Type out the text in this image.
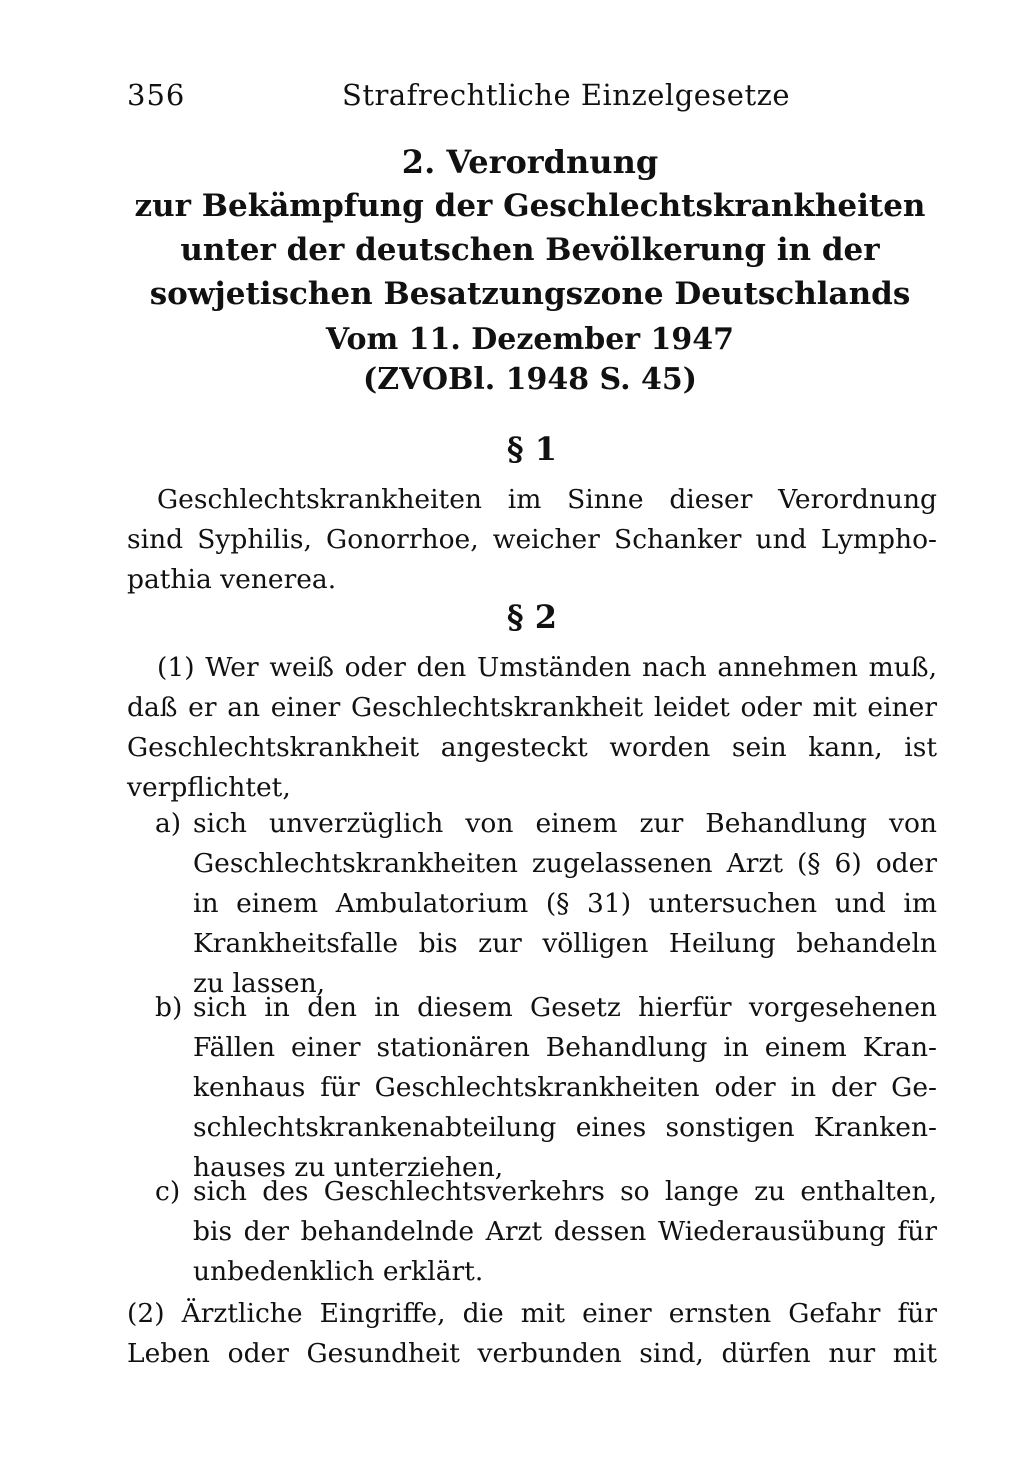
356	Strafrechtliche Einzelgesetze
2. Verordnung
zur Bekämpfung der Geschlechtskrankheiten
unter der deutschen Bevölkerung in der
sowjetischen Besatzungszone Deutschlands
Vom 11. Dezember 1947
(ZVOBl. 1948 S. 45)
§ 1
Geschlechtskrankheiten im Sinne dieser Verordnung
sind Syphilis, Gonorrhoe, weicher Schanker und Lympho-
pathia venerea.
§ 2
(1) Wer weiß oder den Umständen nach annehmen muß,
daß er an einer Geschlechtskrankheit leidet oder mit einer
Geschlechtskrankheit angesteckt worden sein kann, ist
verpflichtet,
a) sich unverzüglich von einem zur Behandlung von
Geschlechtskrankheiten zugelassenen Arzt (§ 6) oder
in einem Ambulatorium (§ 31) untersuchen und im
Krankheitsfalle bis zur völligen Heilung behandeln
zu lassen,
b) sich in den in diesem Gesetz hierfür vorgesehenen
Fällen einer stationären Behandlung in einem Kran-
kenhaus für Geschlechtskrankheiten oder in der Ge-
schlechtskrankenabteilung eines sonstigen Kranken-
hauses zu unterziehen,
c) sich des Geschlechtsverkehrs so lange zu enthalten,
bis der behandelnde Arzt dessen Wiederausübung für
unbedenklich erklärt.
(2) Ärztliche Eingriffe, die mit einer ernsten Gefahr für
Leben oder Gesundheit verbunden sind, dürfen nur mit
